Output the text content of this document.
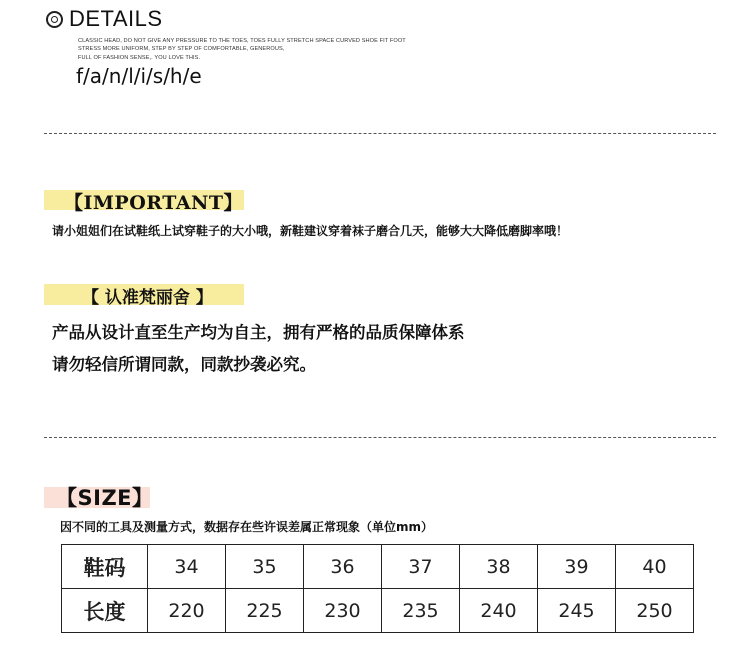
DETAILS
CLASSIC HEAD, DO NOT GIVE ANY PRESSURE TO THE TOES, TOES FULLY STRETCH SPACE CURVED SHOE FIT FOOT
STRESS MORE UNIFORM, STEP BY STEP OF COMFORTABLE, GENEROUS,
FULL OF FASHION SENSE,. YOU LOVE THIS.
f/a/n/l/i/s/h/e
【IMPORTANT】
请小姐姐们在试鞋纸上试穿鞋子的大小哦，新鞋建议穿着袜子磨合几天，能够大大降低磨脚率哦！
【 认准梵丽舍 】
产品从设计直至生产均为自主，拥有严格的品质保障体系
请勿轻信所谓同款，同款抄袭必究。
【SIZE】
因不同的工具及测量方式，数据存在些许误差属正常现象（单位mm）
鞋码	34	35	36	37	38	39	40
长度	220	225	230	235	240	245	250
